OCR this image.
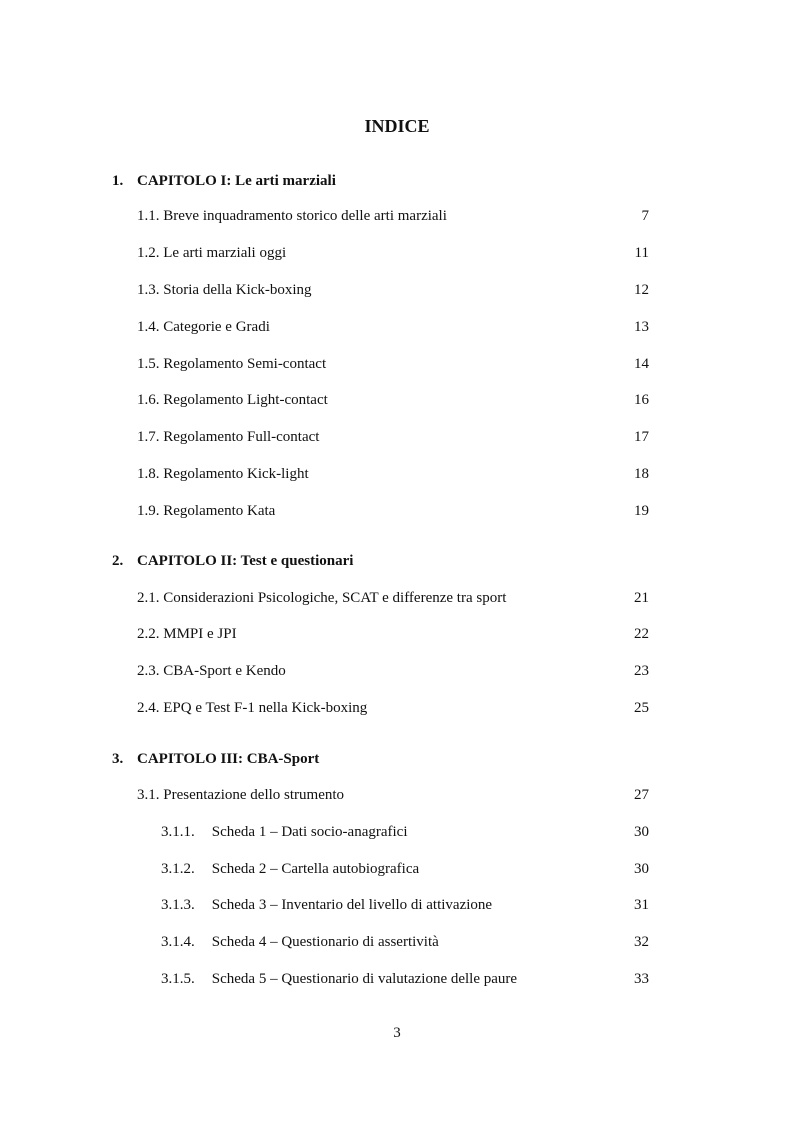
INDICE
1. CAPITOLO I: Le arti marziali
1.1. Breve inquadramento storico delle arti marziali	7
1.2. Le arti marziali oggi	11
1.3. Storia della Kick-boxing	12
1.4. Categorie e Gradi	13
1.5. Regolamento Semi-contact	14
1.6. Regolamento Light-contact	16
1.7. Regolamento Full-contact	17
1.8. Regolamento Kick-light	18
1.9. Regolamento Kata	19
2. CAPITOLO II: Test e questionari
2.1. Considerazioni Psicologiche, SCAT e differenze tra sport	21
2.2. MMPI e JPI	22
2.3. CBA-Sport e Kendo	23
2.4. EPQ e Test F-1 nella Kick-boxing	25
3. CAPITOLO III: CBA-Sport
3.1. Presentazione dello strumento	27
3.1.1. Scheda 1 – Dati socio-anagrafici	30
3.1.2. Scheda 2 – Cartella autobiografica	30
3.1.3. Scheda 3 – Inventario del livello di attivazione	31
3.1.4. Scheda 4 – Questionario di assertività	32
3.1.5. Scheda 5 – Questionario di valutazione delle paure	33
3
